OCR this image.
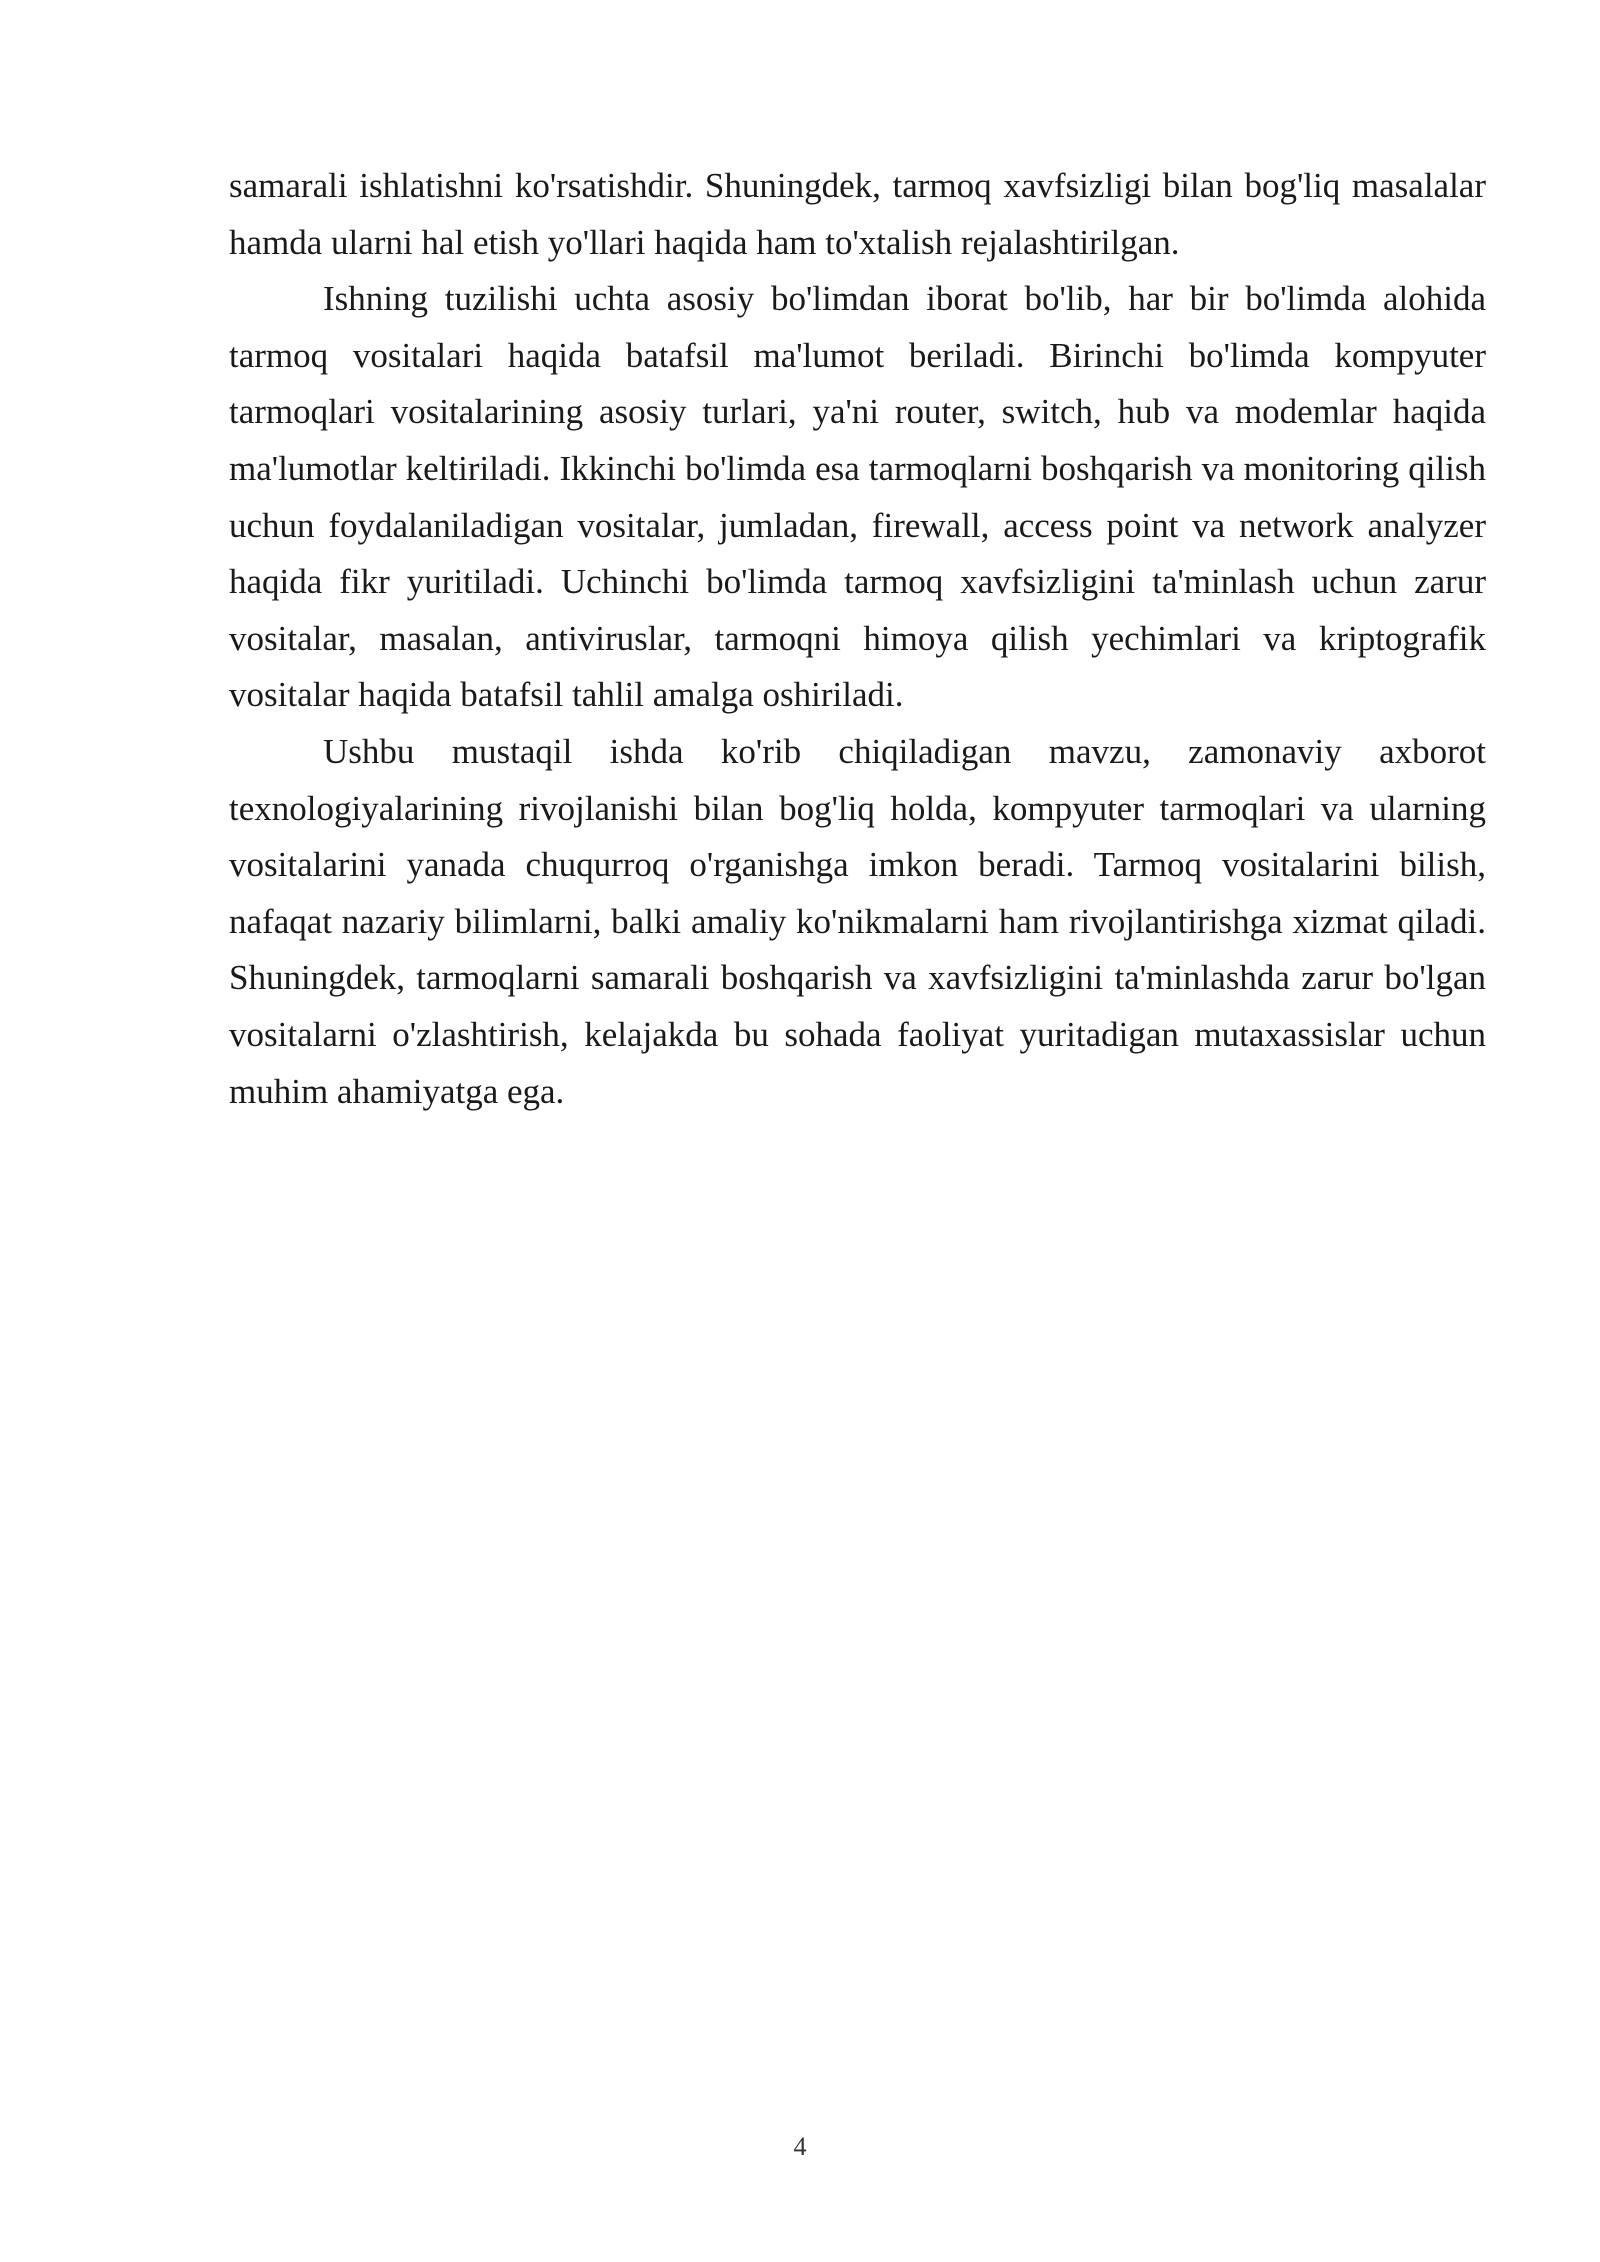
samarali ishlatishni ko'rsatishdir. Shuningdek, tarmoq xavfsizligi bilan bog'liq masalalar hamda ularni hal etish yo'llari haqida ham to'xtalish rejalashtirilgan.

Ishning tuzilishi uchta asosiy bo'limdan iborat bo'lib, har bir bo'limda alohida tarmoq vositalari haqida batafsil ma'lumot beriladi. Birinchi bo'limda kompyuter tarmoqlari vositalarining asosiy turlari, ya'ni router, switch, hub va modemlar haqida ma'lumotlar keltiriladi. Ikkinchi bo'limda esa tarmoqlarni boshqarish va monitoring qilish uchun foydalaniladigan vositalar, jumladan, firewall, access point va network analyzer haqida fikr yuritiladi. Uchinchi bo'limda tarmoq xavfsizligini ta'minlash uchun zarur vositalar, masalan, antiviruslar, tarmoqni himoya qilish yechimlari va kriptografik vositalar haqida batafsil tahlil amalga oshiriladi.

Ushbu mustaqil ishda ko'rib chiqiladigan mavzu, zamonaviy axborot texnologiyalarining rivojlanishi bilan bog'liq holda, kompyuter tarmoqlari va ularning vositalarini yanada chuqurroq o'rganishga imkon beradi. Tarmoq vositalarini bilish, nafaqat nazariy bilimlarni, balki amaliy ko'nikmalarni ham rivojlantirishga xizmat qiladi. Shuningdek, tarmoqlarni samarali boshqarish va xavfsizligini ta'minlashda zarur bo'lgan vositalarni o'zlashtirish, kelajakda bu sohada faoliyat yuritadigan mutaxassislar uchun muhim ahamiyatga ega.

4
